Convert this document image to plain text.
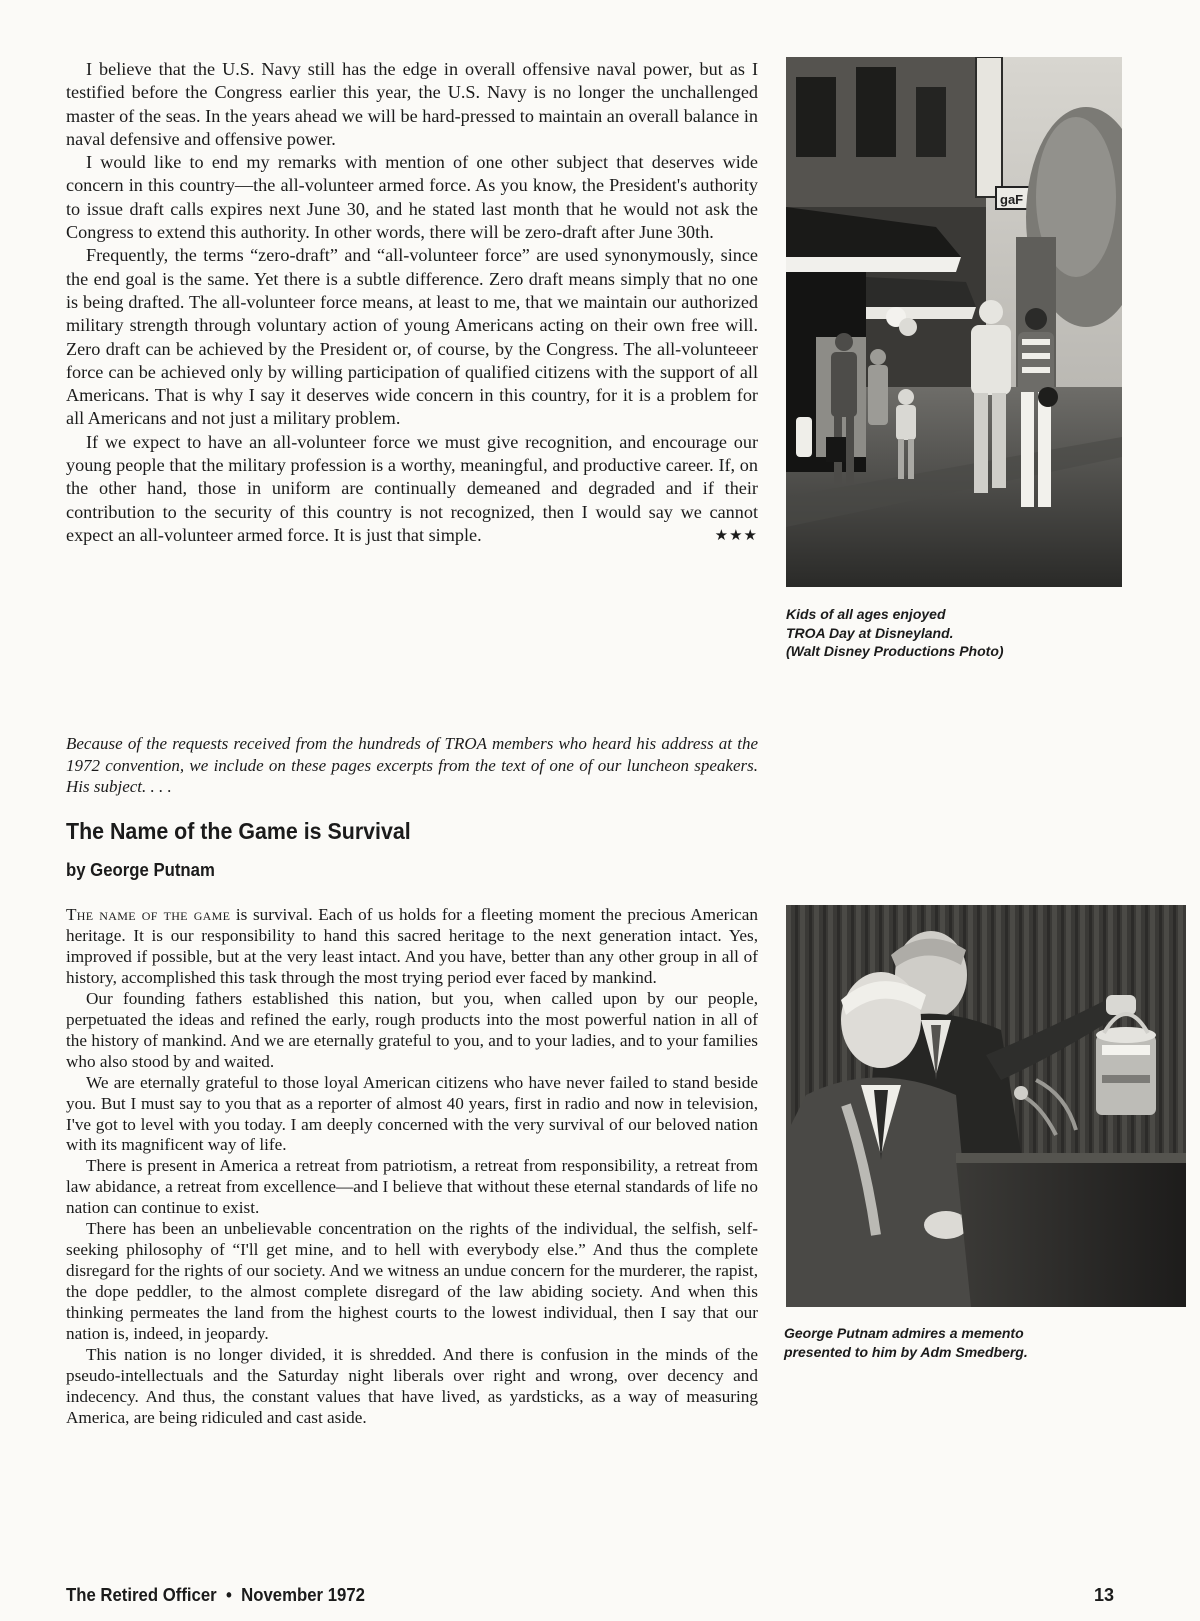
I believe that the U.S. Navy still has the edge in overall offensive naval power, but as I testified before the Congress earlier this year, the U.S. Navy is no longer the unchallenged master of the seas. In the years ahead we will be hard-pressed to maintain an overall balance in naval defensive and offensive power.

I would like to end my remarks with mention of one other subject that deserves wide concern in this country—the all-volunteer armed force. As you know, the President's authority to issue draft calls expires next June 30, and he stated last month that he would not ask the Congress to extend this authority. In other words, there will be zero-draft after June 30th.

Frequently, the terms “zero-draft” and “all-volunteer force” are used synonymously, since the end goal is the same. Yet there is a subtle difference. Zero draft means simply that no one is being drafted. The all-volunteer force means, at least to me, that we maintain our authorized military strength through voluntary action of young Americans acting on their own free will. Zero draft can be achieved by the President or, of course, by the Congress. The all-volunteeer force can be achieved only by willing participation of qualified citizens with the support of all Americans. That is why I say it deserves wide concern in this country, for it is a problem for all Americans and not just a military problem.

If we expect to have an all-volunteer force we must give recognition, and encourage our young people that the military profession is a worthy, meaningful, and productive career. If, on the other hand, those in uniform are continually demeaned and degraded and if their contribution to the security of this country is not recognized, then I would say we cannot expect an all-volunteer armed force. It is just that simple.	★★★

gaF
Kids of all ages enjoyed
TROA Day at Disneyland.
(Walt Disney Productions Photo)
Because of the requests received from the hundreds of TROA members who heard his address at the 1972 convention, we include on these pages excerpts from the text of one of our luncheon speakers. His subject. . . .
The Name of the Game is Survival
by George Putnam

The name of the game is survival. Each of us holds for a fleeting moment the precious American heritage. It is our responsibility to hand this sacred heritage to the next generation intact. Yes, improved if possible, but at the very least intact. And you have, better than any other group in all of history, accomplished this task through the most trying period ever faced by mankind.

Our founding fathers established this nation, but you, when called upon by our people, perpetuated the ideas and refined the early, rough products into the most powerful nation in all of the history of mankind. And we are eternally grateful to you, and to your ladies, and to your families who also stood by and waited.

We are eternally grateful to those loyal American citizens who have never failed to stand beside you. But I must say to you that as a reporter of almost 40 years, first in radio and now in television, I've got to level with you today. I am deeply concerned with the very survival of our beloved nation with its magnificent way of life.

There is present in America a retreat from patriotism, a retreat from responsibility, a retreat from law abidance, a retreat from excellence—and I believe that without these eternal standards of life no nation can continue to exist.

There has been an unbelievable concentration on the rights of the individual, the selfish, self-seeking philosophy of “I'll get mine, and to hell with everybody else.” And thus the complete disregard for the rights of our society. And we witness an undue concern for the murderer, the rapist, the dope peddler, to the almost complete disregard of the law abiding society. And when this thinking permeates the land from the highest courts to the lowest individual, then I say that our nation is, indeed, in jeopardy.

This nation is no longer divided, it is shredded. And there is confusion in the minds of the pseudo-intellectuals and the Saturday night liberals over right and wrong, over decency and indecency. And thus, the constant values that have lived, as yardsticks, as a way of measuring America, are being ridiculed and cast aside.

George Putnam admires a memento
presented to him by Adm Smedberg.
The Retired Officer • November 1972	13
